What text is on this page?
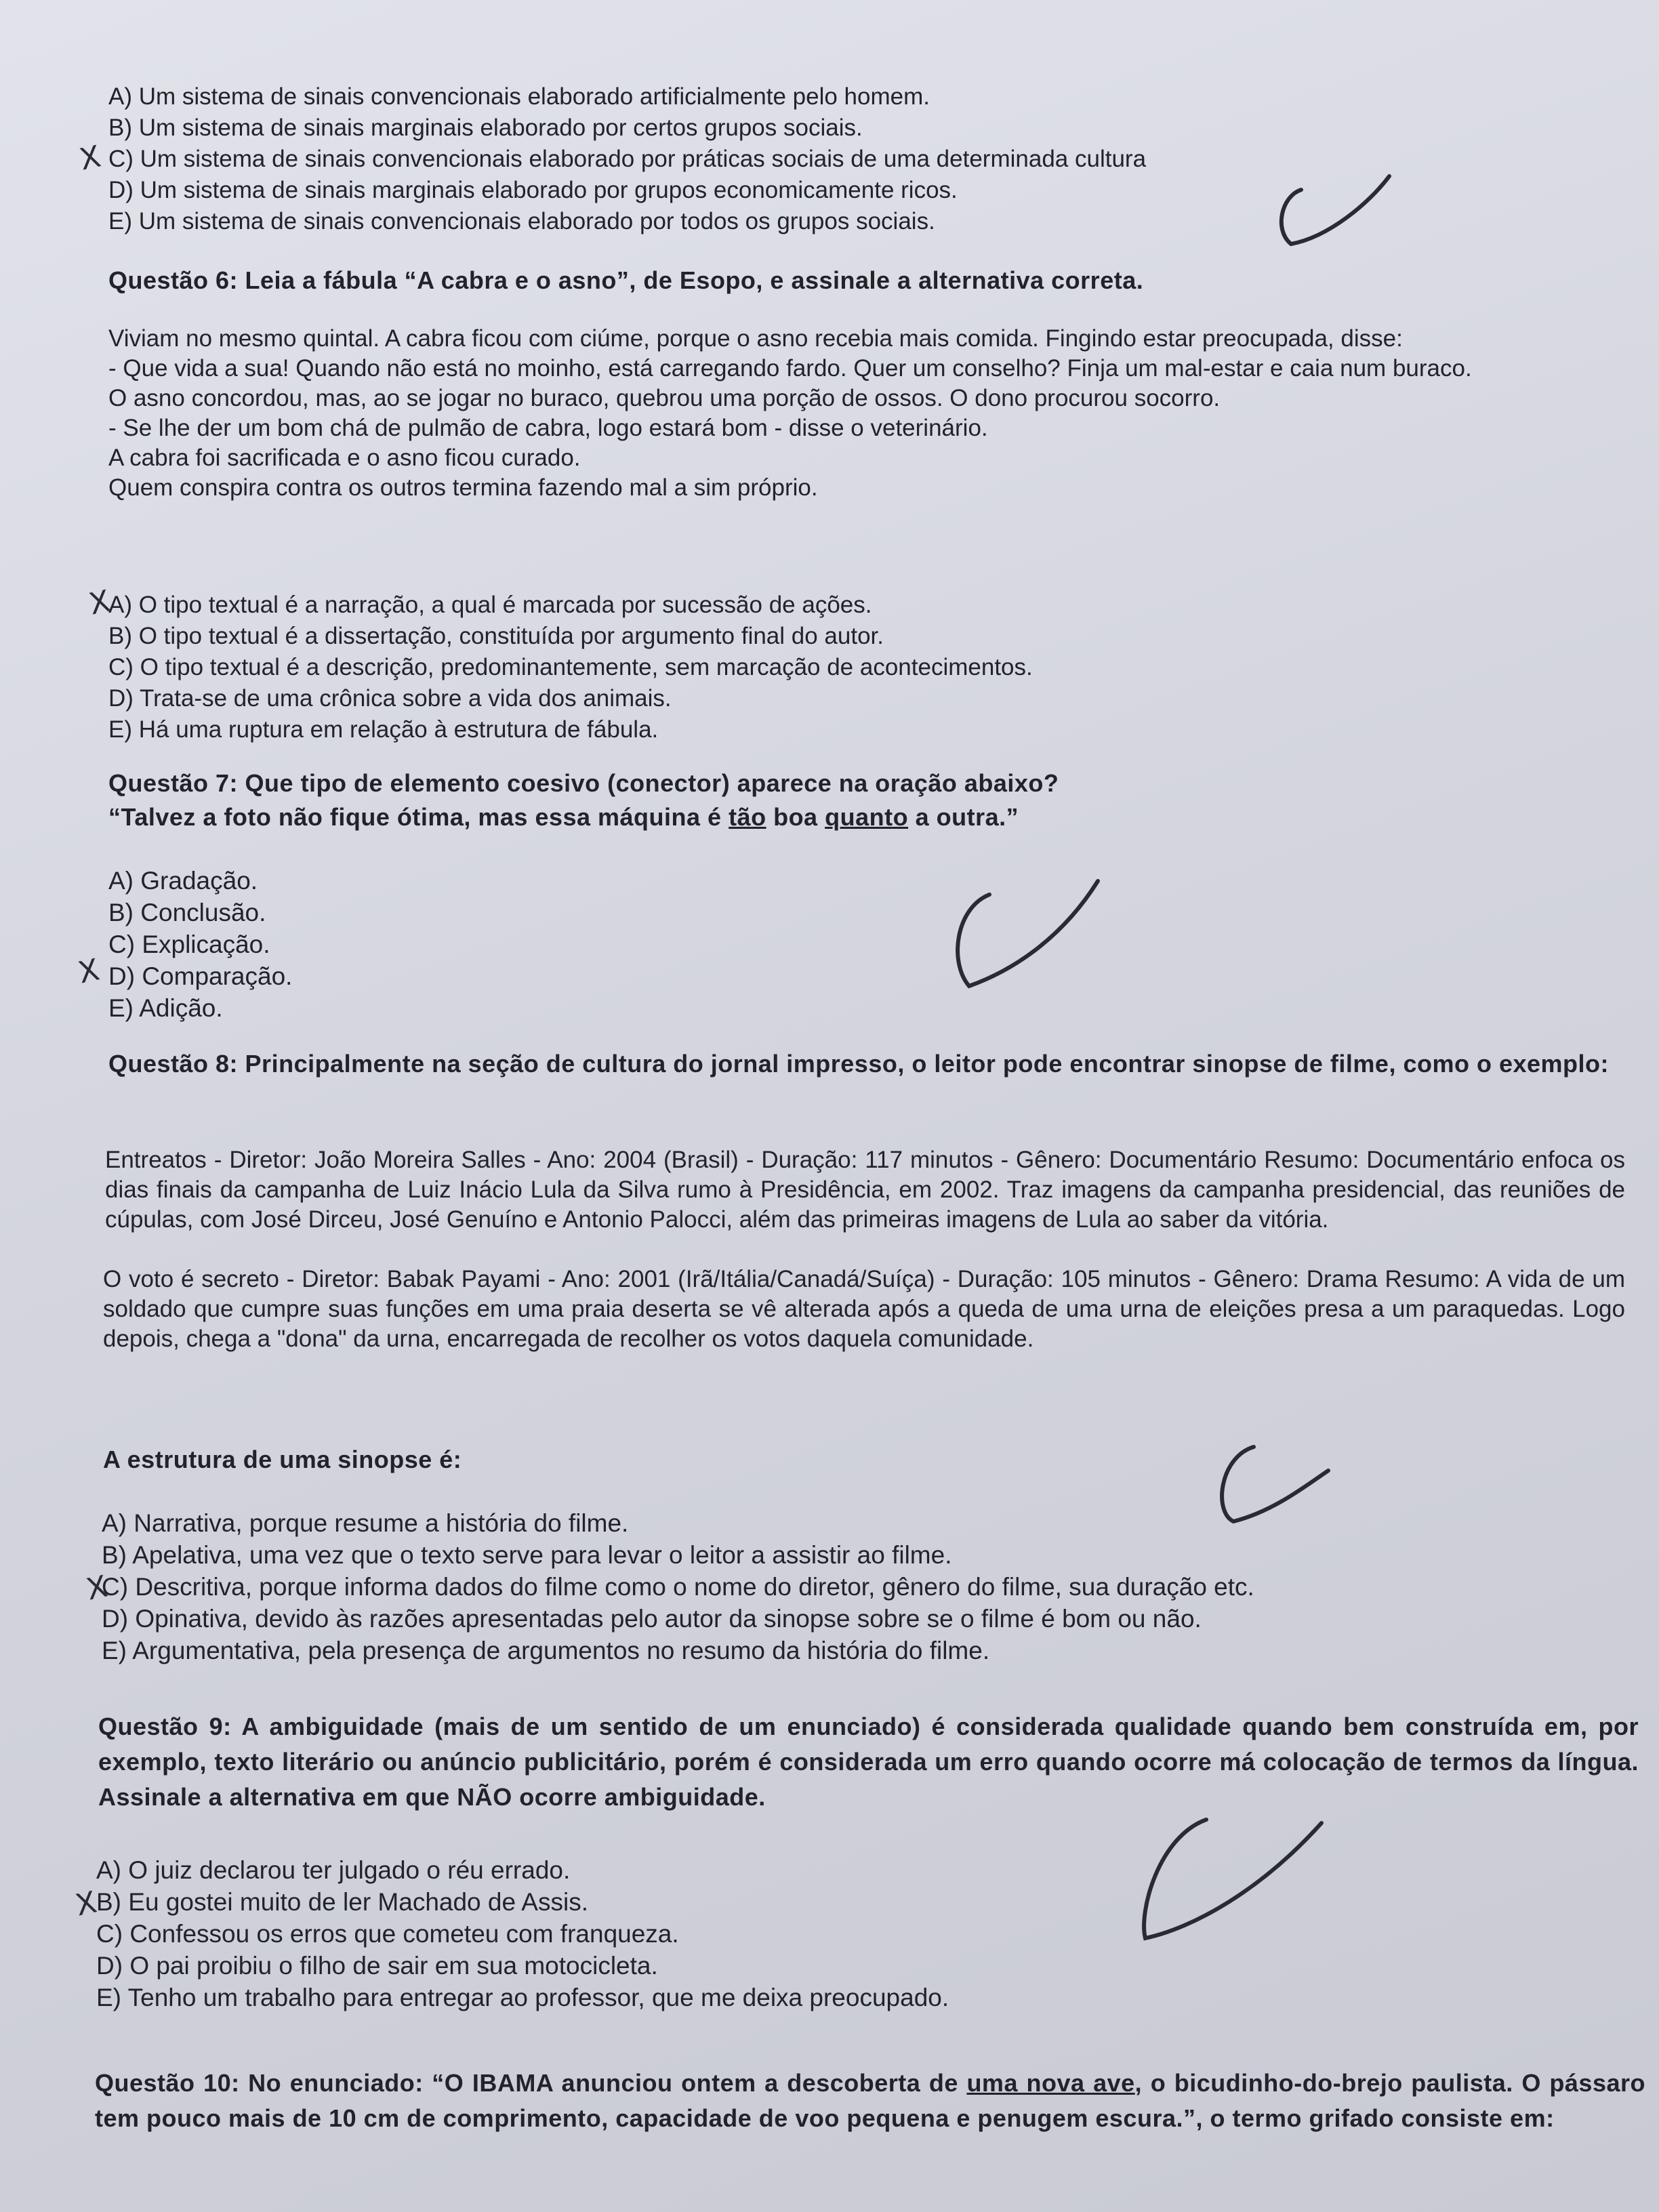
A) Um sistema de sinais convencionais elaborado artificialmente pelo homem.
B) Um sistema de sinais marginais elaborado por certos grupos sociais.
C) Um sistema de sinais convencionais elaborado por práticas sociais de uma determinada cultura
D) Um sistema de sinais marginais elaborado por grupos economicamente ricos.
E) Um sistema de sinais convencionais elaborado por todos os grupos sociais.
X
Questão 6: Leia a fábula “A cabra e o asno”, de Esopo, e assinale a alternativa correta.
Viviam no mesmo quintal. A cabra ficou com ciúme, porque o asno recebia mais comida. Fingindo estar preocupada, disse:
- Que vida a sua! Quando não está no moinho, está carregando fardo. Quer um conselho? Finja um mal-estar e caia num buraco.
O asno concordou, mas, ao se jogar no buraco, quebrou uma porção de ossos. O dono procurou socorro.
- Se lhe der um bom chá de pulmão de cabra, logo estará bom - disse o veterinário.
A cabra foi sacrificada e o asno ficou curado.
Quem conspira contra os outros termina fazendo mal a sim próprio.
A) O tipo textual é a narração, a qual é marcada por sucessão de ações.
B) O tipo textual é a dissertação, constituída por argumento final do autor.
C) O tipo textual é a descrição, predominantemente, sem marcação de acontecimentos.
D) Trata-se de uma crônica sobre a vida dos animais.
E) Há uma ruptura em relação à estrutura de fábula.
X
Questão 7: Que tipo de elemento coesivo (conector) aparece na oração abaixo?
“Talvez a foto não fique ótima, mas essa máquina é tão boa quanto a outra.”
A) Gradação.
B) Conclusão.
C) Explicação.
D) Comparação.
E) Adição.
X
Questão 8: Principalmente na seção de cultura do jornal impresso, o leitor pode encontrar sinopse de filme, como o exemplo:
Entreatos - Diretor: João Moreira Salles - Ano: 2004 (Brasil) - Duração: 117 minutos - Gênero: Documentário Resumo: Documentário enfoca os dias finais da campanha de Luiz Inácio Lula da Silva rumo à Presidência, em 2002. Traz imagens da campanha presidencial, das reuniões de cúpulas, com José Dirceu, José Genuíno e Antonio Palocci, além das primeiras imagens de Lula ao saber da vitória.
O voto é secreto - Diretor: Babak Payami - Ano: 2001 (Irã/Itália/Canadá/Suíça) - Duração: 105 minutos - Gênero: Drama Resumo: A vida de um soldado que cumpre suas funções em uma praia deserta se vê alterada após a queda de uma urna de eleições presa a um paraquedas. Logo depois, chega a "dona" da urna, encarregada de recolher os votos daquela comunidade.
A estrutura de uma sinopse é:
A) Narrativa, porque resume a história do filme.
B) Apelativa, uma vez que o texto serve para levar o leitor a assistir ao filme.
C) Descritiva, porque informa dados do filme como o nome do diretor, gênero do filme, sua duração etc.
D) Opinativa, devido às razões apresentadas pelo autor da sinopse sobre se o filme é bom ou não.
E) Argumentativa, pela presença de argumentos no resumo da história do filme.
X
Questão 9: A ambiguidade (mais de um sentido de um enunciado) é considerada qualidade quando bem construída em, por exemplo, texto literário ou anúncio publicitário, porém é considerada um erro quando ocorre má colocação de termos da língua. Assinale a alternativa em que NÃO ocorre ambiguidade.
A) O juiz declarou ter julgado o réu errado.
B) Eu gostei muito de ler Machado de Assis.
C) Confessou os erros que cometeu com franqueza.
D) O pai proibiu o filho de sair em sua motocicleta.
E) Tenho um trabalho para entregar ao professor, que me deixa preocupado.
X
Questão 10: No enunciado: “O IBAMA anunciou ontem a descoberta de uma nova ave, o bicudinho-do-brejo paulista. O pássaro tem pouco mais de 10 cm de comprimento, capacidade de voo pequena e penugem escura.”, o termo grifado consiste em:
